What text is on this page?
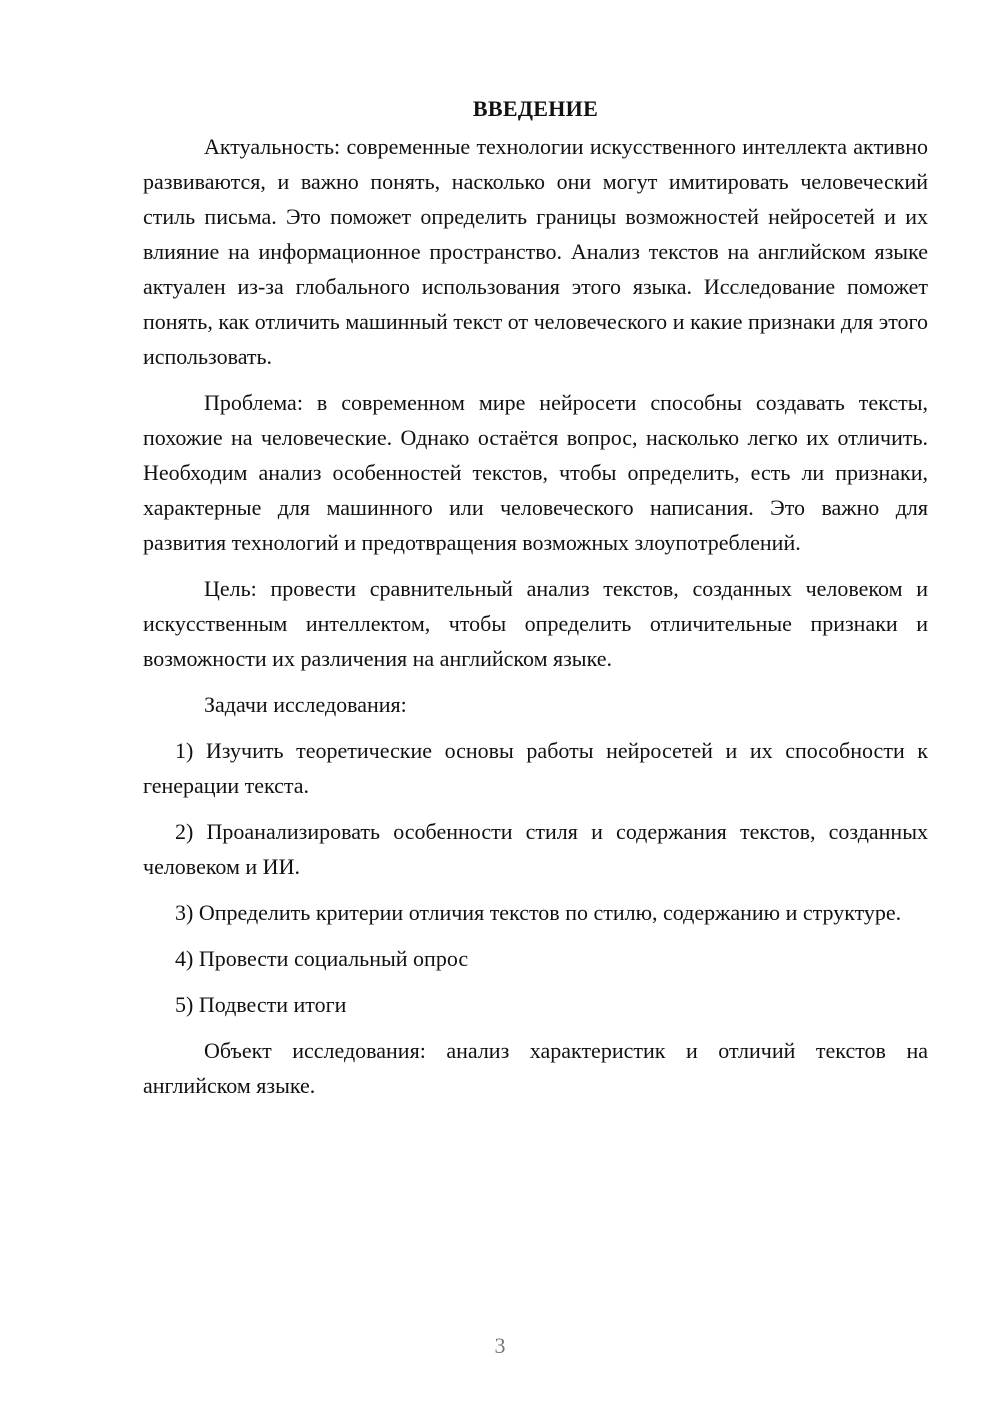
ВВЕДЕНИЕ

Актуальность: современные технологии искусственного интеллекта активно развиваются, и важно понять, насколько они могут имитировать человеческий стиль письма. Это поможет определить границы возможностей нейросетей и их влияние на информационное пространство. Анализ текстов на английском языке актуален из-за глобального использования этого языка. Исследование поможет понять, как отличить машинный текст от человеческого и какие признаки для этого использовать.

Проблема: в современном мире нейросети способны создавать тексты, похожие на человеческие. Однако остаётся вопрос, насколько легко их отличить. Необходим анализ особенностей текстов, чтобы определить, есть ли признаки, характерные для машинного или человеческого написания. Это важно для развития технологий и предотвращения возможных злоупотреблений.

Цель: провести сравнительный анализ текстов, созданных человеком и искусственным интеллектом, чтобы определить отличительные признаки и возможности их различения на английском языке.

Задачи исследования:

1) Изучить теоретические основы работы нейросетей и их способности к генерации текста.
2) Проанализировать особенности стиля и содержания текстов, созданных человеком и ИИ.
3) Определить критерии отличия текстов по стилю, содержанию и структуре.
4) Провести социальный опрос
5) Подвести итоги

Объект исследования: анализ характеристик и отличий текстов на английском языке.

3
